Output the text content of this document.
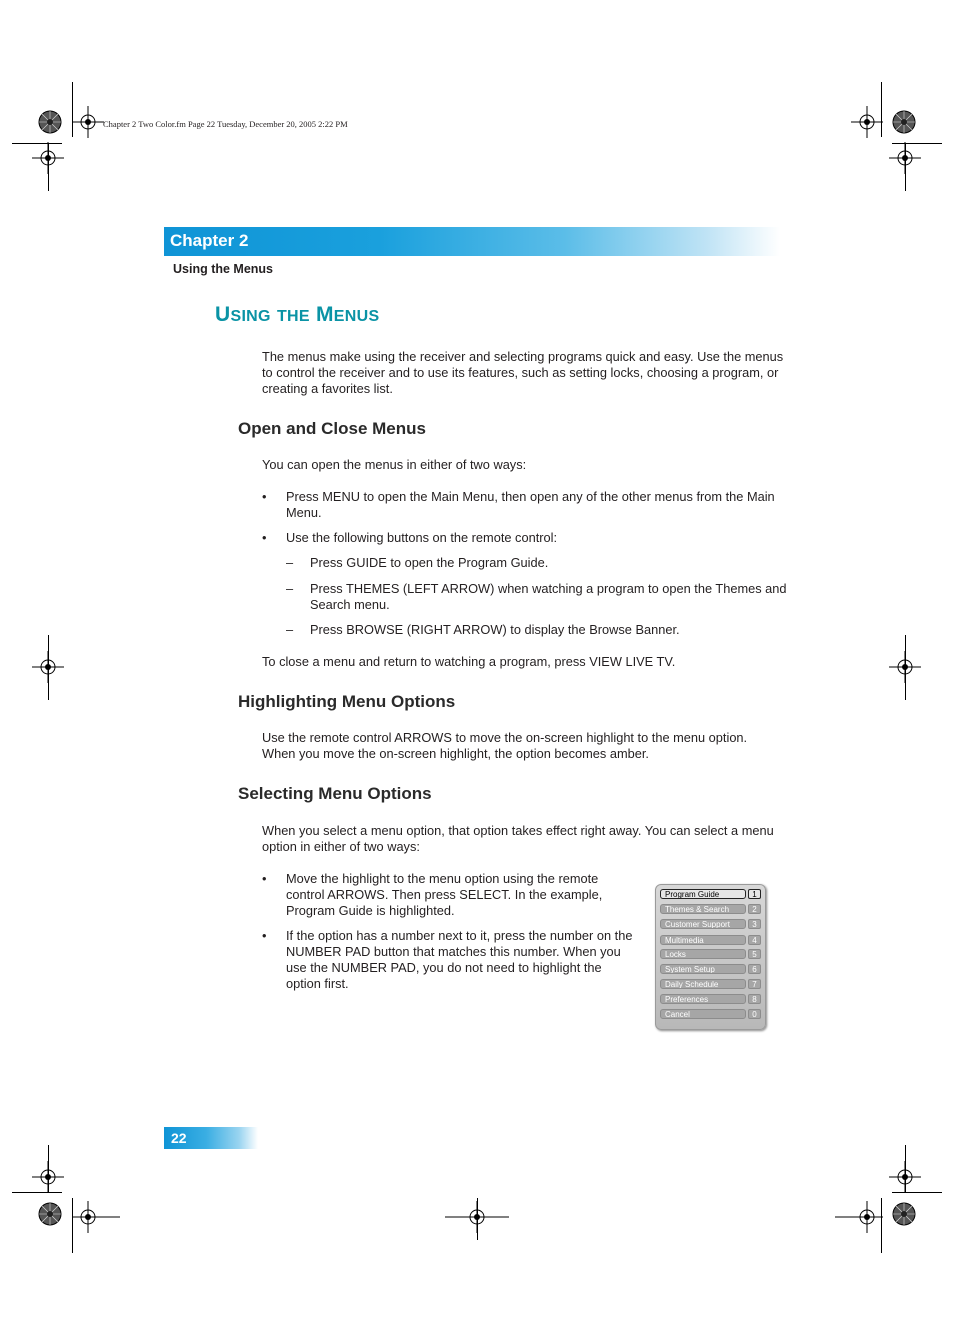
Chapter 2 Two Color.fm Page 22 Tuesday, December 20, 2005 2:22 PM
Chapter 2
Using the Menus
USING THE MENUS
The menus make using the receiver and selecting programs quick and easy. Use the menus to control the receiver and to use its features, such as setting locks, choosing a program, or creating a favorites list.
Open and Close Menus
You can open the menus in either of two ways:
• Press MENU to open the Main Menu, then open any of the other menus from the Main Menu.
• Use the following buttons on the remote control:
– Press GUIDE to open the Program Guide.
– Press THEMES (LEFT ARROW) when watching a program to open the Themes and Search menu.
– Press BROWSE (RIGHT ARROW) to display the Browse Banner.
To close a menu and return to watching a program, press VIEW LIVE TV.
Highlighting Menu Options
Use the remote control ARROWS to move the on-screen highlight to the menu option. When you move the on-screen highlight, the option becomes amber.
Selecting Menu Options
When you select a menu option, that option takes effect right away. You can select a menu option in either of two ways:
• Move the highlight to the menu option using the remote control ARROWS. Then press SELECT. In the example, Program Guide is highlighted.
• If the option has a number next to it, press the number on the NUMBER PAD button that matches this number. When you use the NUMBER PAD, you do not need to highlight the option first.
Program Guide	1
Themes & Search	2
Customer Support	3
Multimedia	4
Locks	5
System Setup	6
Daily Schedule	7
Preferences	8
Cancel	0
22
